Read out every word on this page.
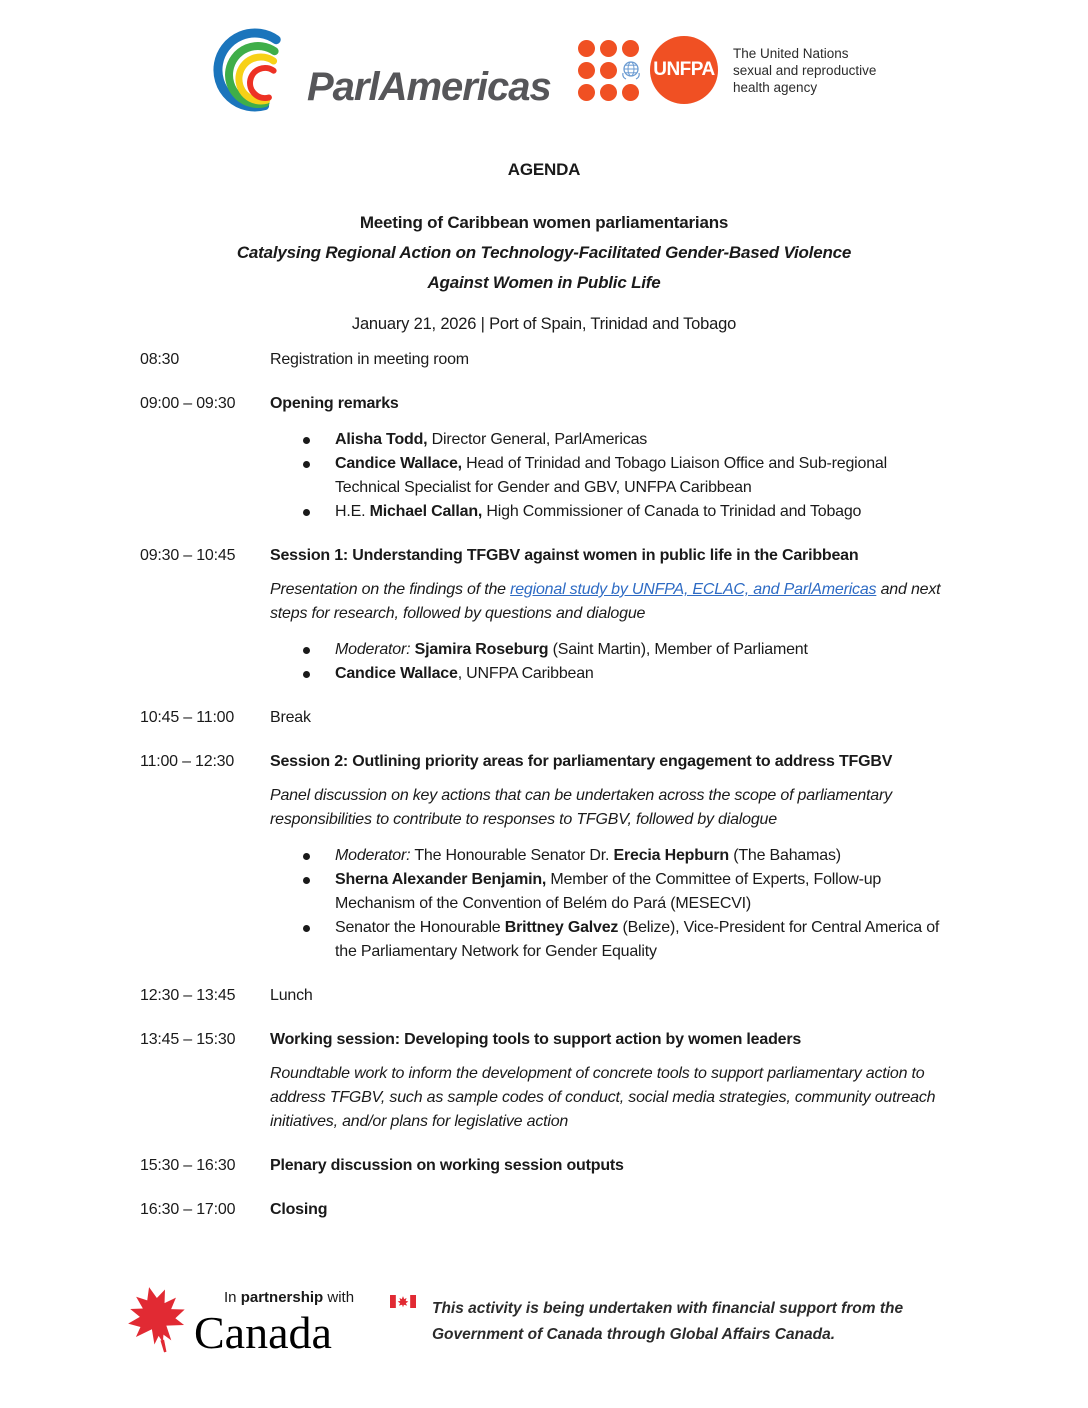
ParlAmericas	UNFPA
The United Nations
sexual and reproductive
health agency
AGENDA
Meeting of Caribbean women parliamentarians
Catalysing Regional Action on Technology-Facilitated Gender-Based Violence
Against Women in Public Life
January 21, 2026 | Port of Spain, Trinidad and Tobago
08:30	Registration in meeting room
09:00 – 09:30	Opening remarks
Alisha Todd, Director General, ParlAmericas
Candice Wallace, Head of Trinidad and Tobago Liaison Office and Sub-regional Technical Specialist for Gender and GBV, UNFPA Caribbean
H.E. Michael Callan, High Commissioner of Canada to Trinidad and Tobago
09:30 – 10:45	Session 1: Understanding TFGBV against women in public life in the Caribbean
Presentation on the findings of the regional study by UNFPA, ECLAC, and ParlAmericas and next steps for research, followed by questions and dialogue
Moderator: Sjamira Roseburg (Saint Martin), Member of Parliament
Candice Wallace, UNFPA Caribbean
10:45 – 11:00	Break
11:00 – 12:30	Session 2: Outlining priority areas for parliamentary engagement to address TFGBV
Panel discussion on key actions that can be undertaken across the scope of parliamentary responsibilities to contribute to responses to TFGBV, followed by dialogue
Moderator: The Honourable Senator Dr. Erecia Hepburn (The Bahamas)
Sherna Alexander Benjamin, Member of the Committee of Experts, Follow-up Mechanism of the Convention of Belém do Pará (MESECVI)
Senator the Honourable Brittney Galvez (Belize), Vice-President for Central America of the Parliamentary Network for Gender Equality
12:30 – 13:45	Lunch
13:45 – 15:30	Working session: Developing tools to support action by women leaders
Roundtable work to inform the development of concrete tools to support parliamentary action to address TFGBV, such as sample codes of conduct, social media strategies, community outreach initiatives, and/or plans for legislative action
15:30 – 16:30	Plenary discussion on working session outputs
16:30 – 17:00	Closing
In partnership with
Canada	This activity is being undertaken with financial support from the Government of Canada through Global Affairs Canada.
